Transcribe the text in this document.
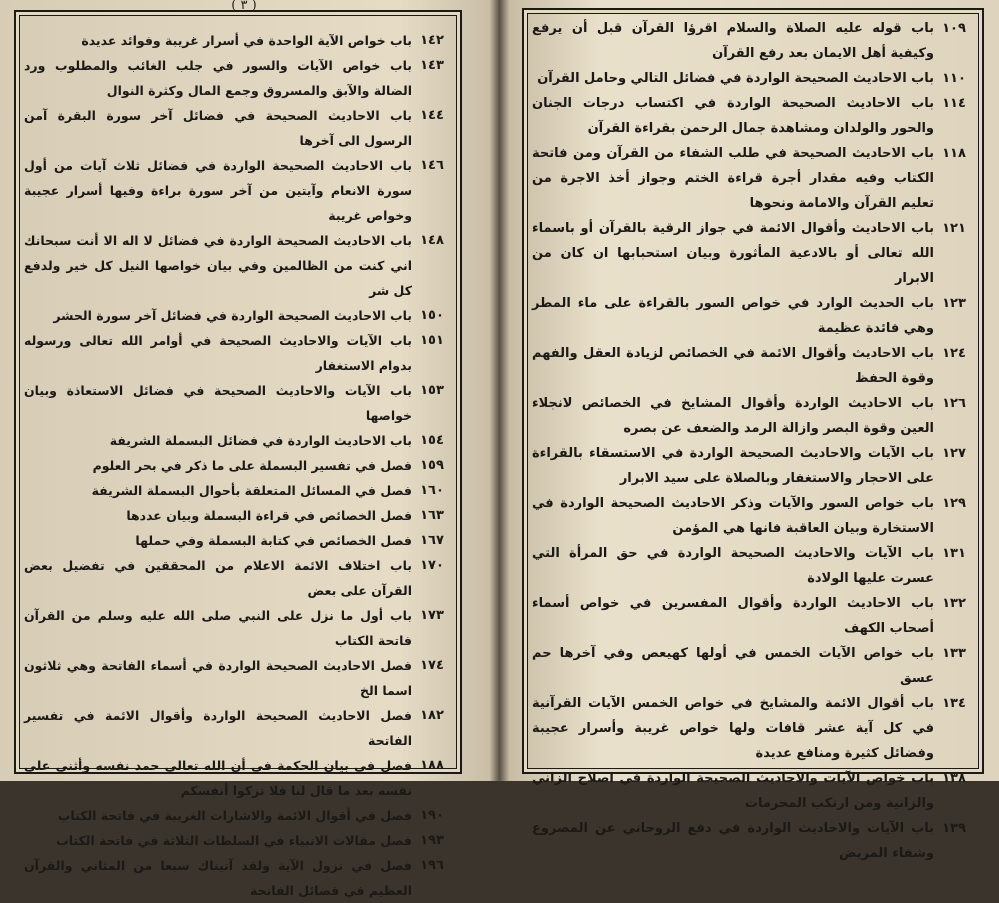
( ٣ )
١٤٢
باب خواص الآية الواحدة في أسرار غريبة وفوائد عديدة
١٤٣
باب خواص الآيات والسور في جلب الغائب والمطلوب ورد الضالة والآبق والمسروق وجمع المال وكثرة النوال
١٤٤
باب الاحاديث الصحيحة في فضائل آخر سورة البقرة آمن الرسول الى آخرها
١٤٦
باب الاحاديث الصحيحة الواردة في فضائل ثلاث آيات من أول سورة الانعام وآيتين من آخر سورة براءة وفيها أسرار عجيبة وخواص غريبة
١٤٨
باب الاحاديث الصحيحة الواردة في فضائل لا اله الا أنت سبحانك اني كنت من الظالمين وفي بيان خواصها النيل كل خير ولدفع كل شر
١٥٠
باب الاحاديث الصحيحة الواردة في فضائل آخر سورة الحشر
١٥١
باب الآيات والاحاديث الصحيحة في أوامر الله تعالى ورسوله بدوام الاستغفار
١٥٣
باب الآيات والاحاديث الصحيحة في فضائل الاستعاذة وبيان خواصها
١٥٤
باب الاحاديث الواردة في فضائل البسملة الشريفة
١٥٩
فصل في تفسير البسملة على ما ذكر في بحر العلوم
١٦٠
فصل في المسائل المتعلقة بأحوال البسملة الشريفة
١٦٣
فصل الخصائص في قراءة البسملة وبيان عددها
١٦٧
فصل الخصائص في كتابة البسملة وفي حملها
١٧٠
باب اختلاف الائمة الاعلام من المحققين في تفضيل بعض القرآن على بعض
١٧٣
باب أول ما نزل على النبي صلى الله عليه وسلم من القرآن فاتحة الكتاب
١٧٤
فصل الاحاديث الصحيحة الواردة في أسماء الفاتحة وهي ثلاثون اسما الخ
١٨٢
فصل الاحاديث الصحيحة الواردة وأقوال الائمة في تفسير الفاتحة
١٨٨
فصل في بيان الحكمة في أن الله تعالى حمد نفسه وأثنى على نفسه بعد ما قال لنا فلا تزكوا أنفسكم
١٩٠
فصل في أقوال الائمة والاشارات الغريبة في فاتحة الكتاب
١٩٣
فصل مقالات الانبياء في السلطات الثلاثة في فاتحة الكتاب
١٩٦
فصل في نزول الآية ولقد آتيناك سبعا من المثاني والقرآن العظيم في فضائل الفاتحة
١٠٩
باب قوله عليه الصلاة والسلام اقرؤا القرآن قبل أن يرفع وكيفية أهل الايمان بعد رفع القرآن
١١٠
باب الاحاديث الصحيحة الواردة في فضائل التالي وحامل القرآن
١١٤
باب الاحاديث الصحيحة الواردة في اكتساب درجات الجنان والحور والولدان ومشاهدة جمال الرحمن بقراءة القرآن
١١٨
باب الاحاديث الصحيحة في طلب الشفاء من القرآن ومن فاتحة الكتاب وفيه مقدار أجرة قراءة الختم وجواز أخذ الاجرة من تعليم القرآن والامامة ونحوها
١٢١
باب الاحاديث وأقوال الائمة في جواز الرقية بالقرآن أو باسماء الله تعالى أو بالادعية المأثورة وبيان استحبابها ان كان من الابرار
١٢٣
باب الحديث الوارد في خواص السور بالقراءة على ماء المطر وهي فائدة عظيمة
١٢٤
باب الاحاديث وأقوال الائمة في الخصائص لزيادة العقل والفهم وقوة الحفظ
١٢٦
باب الاحاديث الواردة وأقوال المشايخ في الخصائص لانجلاء العين وقوة البصر وازالة الرمد والضعف عن بصره
١٢٧
باب الآيات والاحاديث الصحيحة الواردة في الاستسقاء بالقراءة على الاحجار والاستغفار وبالصلاة على سيد الابرار
١٢٩
باب خواص السور والآيات وذكر الاحاديث الصحيحة الواردة في الاستخارة وبيان العاقبة فانها هي المؤمن
١٣١
باب الآيات والاحاديث الصحيحة الواردة في حق المرأة التي عسرت عليها الولادة
١٣٢
باب الاحاديث الواردة وأقوال المفسرين في خواص أسماء أصحاب الكهف
١٣٣
باب خواص الآيات الخمس في أولها كهيعص وفي آخرها حم عسق
١٣٤
باب أقوال الائمة والمشايخ في خواص الخمس الآيات القرآنية في كل آية عشر قافات ولها خواص غريبة وأسرار عجيبة وفضائل كثيرة ومنافع عديدة
١٣٨
باب خواص الآيات والاحاديث الصحيحة الواردة في اصلاح الزاني والزانية ومن ارتكب المحرمات
١٣٩
باب الآيات والاحاديث الواردة في دفع الروحاني عن المصروع وشفاء المريض
